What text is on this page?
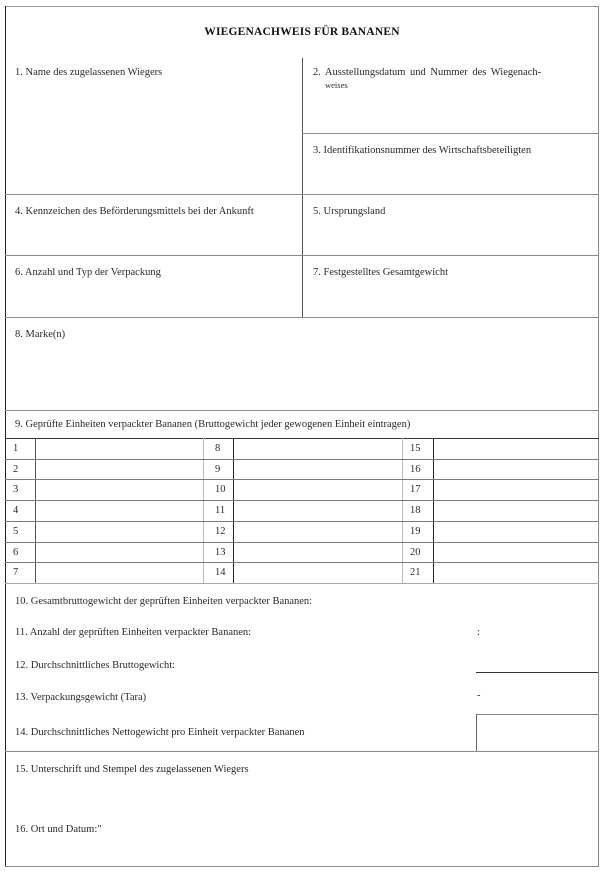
WIEGENACHWEIS FÜR BANANEN
1. Name des zugelassenen Wiegers	2. Ausstellungsdatum und Nummer des Wiegenach-
weises
3. Identifikationsnummer des Wirtschaftsbeteiligten
4. Kennzeichen des Beförderungsmittels bei der Ankunft	5. Ursprungsland
6. Anzahl und Typ der Verpackung	7. Festgestelltes Gesamtgewicht
8. Marke(n)
9. Geprüfte Einheiten verpackter Bananen (Bruttogewicht jeder gewogenen Einheit eintragen)
1	8	15
2	9	16
3	10	17
4	11	18
5	12	19
6	13	20
7	14	21
10. Gesamtbruttogewicht der geprüften Einheiten verpackter Bananen:
11. Anzahl der geprüften Einheiten verpackter Bananen:	:
12. Durchschnittliches Bruttogewicht:
13. Verpackungsgewicht (Tara)	-
14. Durchschnittliches Nettogewicht pro Einheit verpackter Bananen
15. Unterschrift und Stempel des zugelassenen Wiegers
16. Ort und Datum:"
